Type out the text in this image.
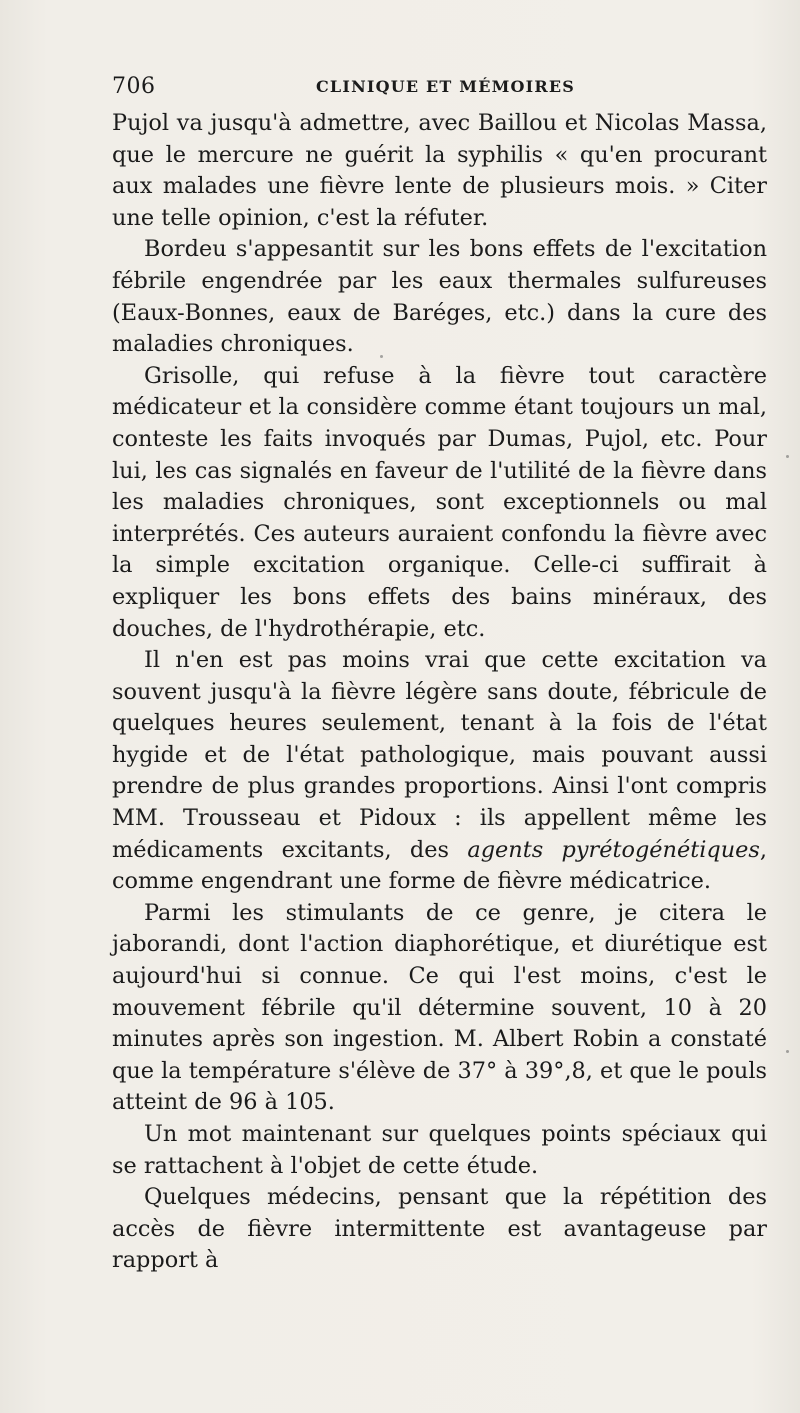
706	CLINIQUE ET MÉMOIRES

Pujol va jusqu'à admettre, avec Baillou et Nicolas Massa, que le mercure ne guérit la syphilis « qu'en procurant aux malades une fièvre lente de plusieurs mois. » Citer une telle opinion, c'est la réfuter.

Bordeu s'appesantit sur les bons effets de l'excitation fébrile engendrée par les eaux thermales sulfureuses (Eaux-Bonnes, eaux de Baréges, etc.) dans la cure des maladies chroniques.

Grisolle, qui refuse à la fièvre tout caractère médicateur et la considère comme étant toujours un mal, conteste les faits invoqués par Dumas, Pujol, etc. Pour lui, les cas signalés en faveur de l'utilité de la fièvre dans les maladies chroniques, sont exceptionnels ou mal interprétés. Ces auteurs auraient confondu la fièvre avec la simple excitation organique. Celle-ci suffirait à expliquer les bons effets des bains minéraux, des douches, de l'hydrothérapie, etc.

Il n'en est pas moins vrai que cette excitation va souvent jusqu'à la fièvre légère sans doute, fébricule de quelques heures seulement, tenant à la fois de l'état hygide et de l'état pathologique, mais pouvant aussi prendre de plus grandes proportions. Ainsi l'ont compris MM. Trousseau et Pidoux : ils appellent même les médicaments excitants, des agents pyrétogénétiques, comme engendrant une forme de fièvre médicatrice.

Parmi les stimulants de ce genre, je citera le jaborandi, dont l'action diaphorétique, et diurétique est aujourd'hui si connue. Ce qui l'est moins, c'est le mouvement fébrile qu'il détermine souvent, 10 à 20 minutes après son ingestion. M. Albert Robin a constaté que la température s'élève de 37° à 39°,8, et que le pouls atteint de 96 à 105.

Un mot maintenant sur quelques points spéciaux qui se rattachent à l'objet de cette étude.

Quelques médecins, pensant que la répétition des accès de fièvre intermittente est avantageuse par rapport à
